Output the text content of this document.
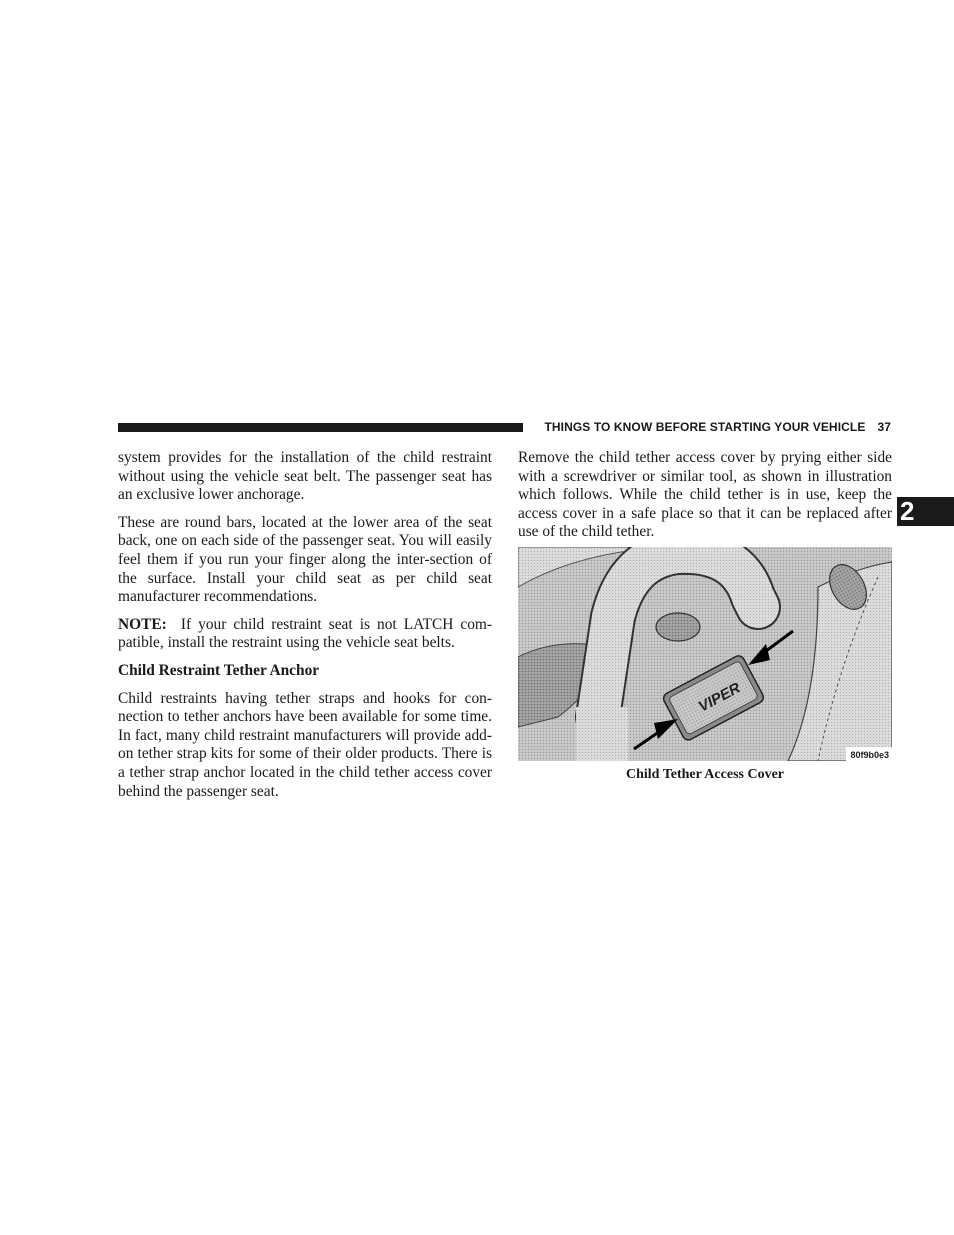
THINGS TO KNOW BEFORE STARTING YOUR VEHICLE 37
2

system provides for the installation of the child restraint without using the vehicle seat belt. The passenger seat has an exclusive lower anchorage.

These are round bars, located at the lower area of the seat back, one on each side of the passenger seat. You will easily feel them if you run your finger along the inter-section of the surface. Install your child seat as per child seat manufacturer recommendations.

NOTE: If your child restraint seat is not LATCH com-patible, install the restraint using the vehicle seat belts.

Child Restraint Tether Anchor

Child restraints having tether straps and hooks for con-nection to tether anchors have been available for some time. In fact, many child restraint manufacturers will provide add-on tether strap kits for some of their older products. There is a tether strap anchor located in the child tether access cover behind the passenger seat.

Remove the child tether access cover by prying either side with a screwdriver or similar tool, as shown in illustration which follows. While the child tether is in use, keep the access cover in a safe place so that it can be replaced after use of the child tether.

VIPER
80f9b0e3
Child Tether Access Cover
